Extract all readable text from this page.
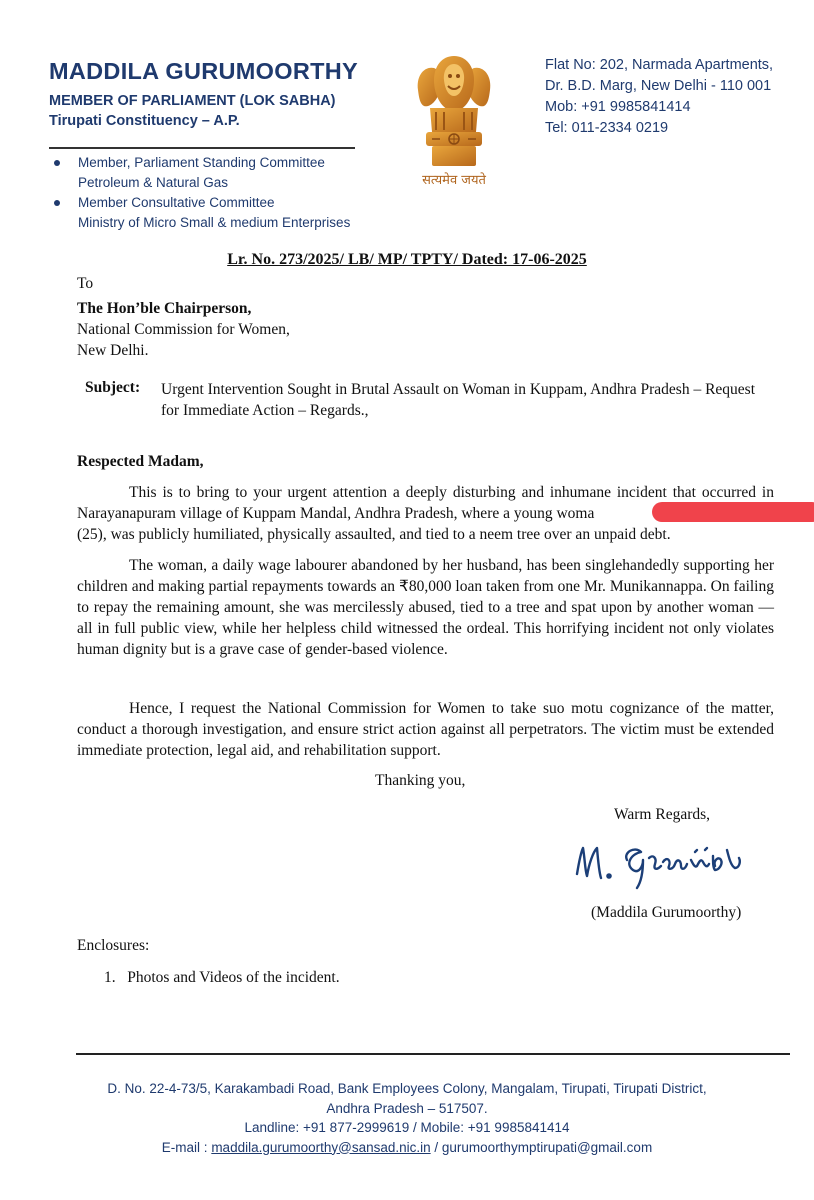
MADDILA GURUMOORTHY
MEMBER OF PARLIAMENT (LOK SABHA)
Tirupati Constituency – A.P.
Member, Parliament Standing Committee
Petroleum & Natural Gas
Member Consultative Committee
Ministry of Micro Small & medium Enterprises
सत्यमेव जयते
Flat No: 202, Narmada Apartments,
Dr. B.D. Marg, New Delhi - 110 001
Mob: +91 9985841414
Tel: 011-2334 0219
Lr. No. 273/2025/ LB/ MP/ TPTY/ Dated: 17-06-2025
To
The Hon’ble Chairperson,
National Commission for Women,
New Delhi.
Subject: Urgent Intervention Sought in Brutal Assault on Woman in Kuppam, Andhra Pradesh – Request for Immediate Action – Regards.,
Respected Madam,

This is to bring to your urgent attention a deeply disturbing and inhumane incident that occurred in Narayanapuram village of Kuppam Mandal, Andhra Pradesh, where a young woma

(25), was publicly humiliated, physically assaulted, and tied to a neem tree over an unpaid debt.

The woman, a daily wage labourer abandoned by her husband, has been singlehandedly supporting her children and making partial repayments towards an ₹80,000 loan taken from one Mr. Munikannappa. On failing to repay the remaining amount, she was mercilessly abused, tied to a tree and spat upon by another woman — all in full public view, while her helpless child witnessed the ordeal. This horrifying incident not only violates human dignity but is a grave case of gender-based violence.

Hence, I request the National Commission for Women to take suo motu cognizance of the matter, conduct a thorough investigation, and ensure strict action against all perpetrators. The victim must be extended immediate protection, legal aid, and rehabilitation support.

Thanking you,
Warm Regards,
(Maddila Gurumoorthy)
Enclosures:
1.   Photos and Videos of the incident.
D. No. 22-4-73/5, Karakambadi Road, Bank Employees Colony, Mangalam, Tirupati, Tirupati District,
Andhra Pradesh – 517507.
Landline: +91 877-2999619 / Mobile: +91 9985841414
E-mail : maddila.gurumoorthy@sansad.nic.in / gurumoorthymptirupati@gmail.com
